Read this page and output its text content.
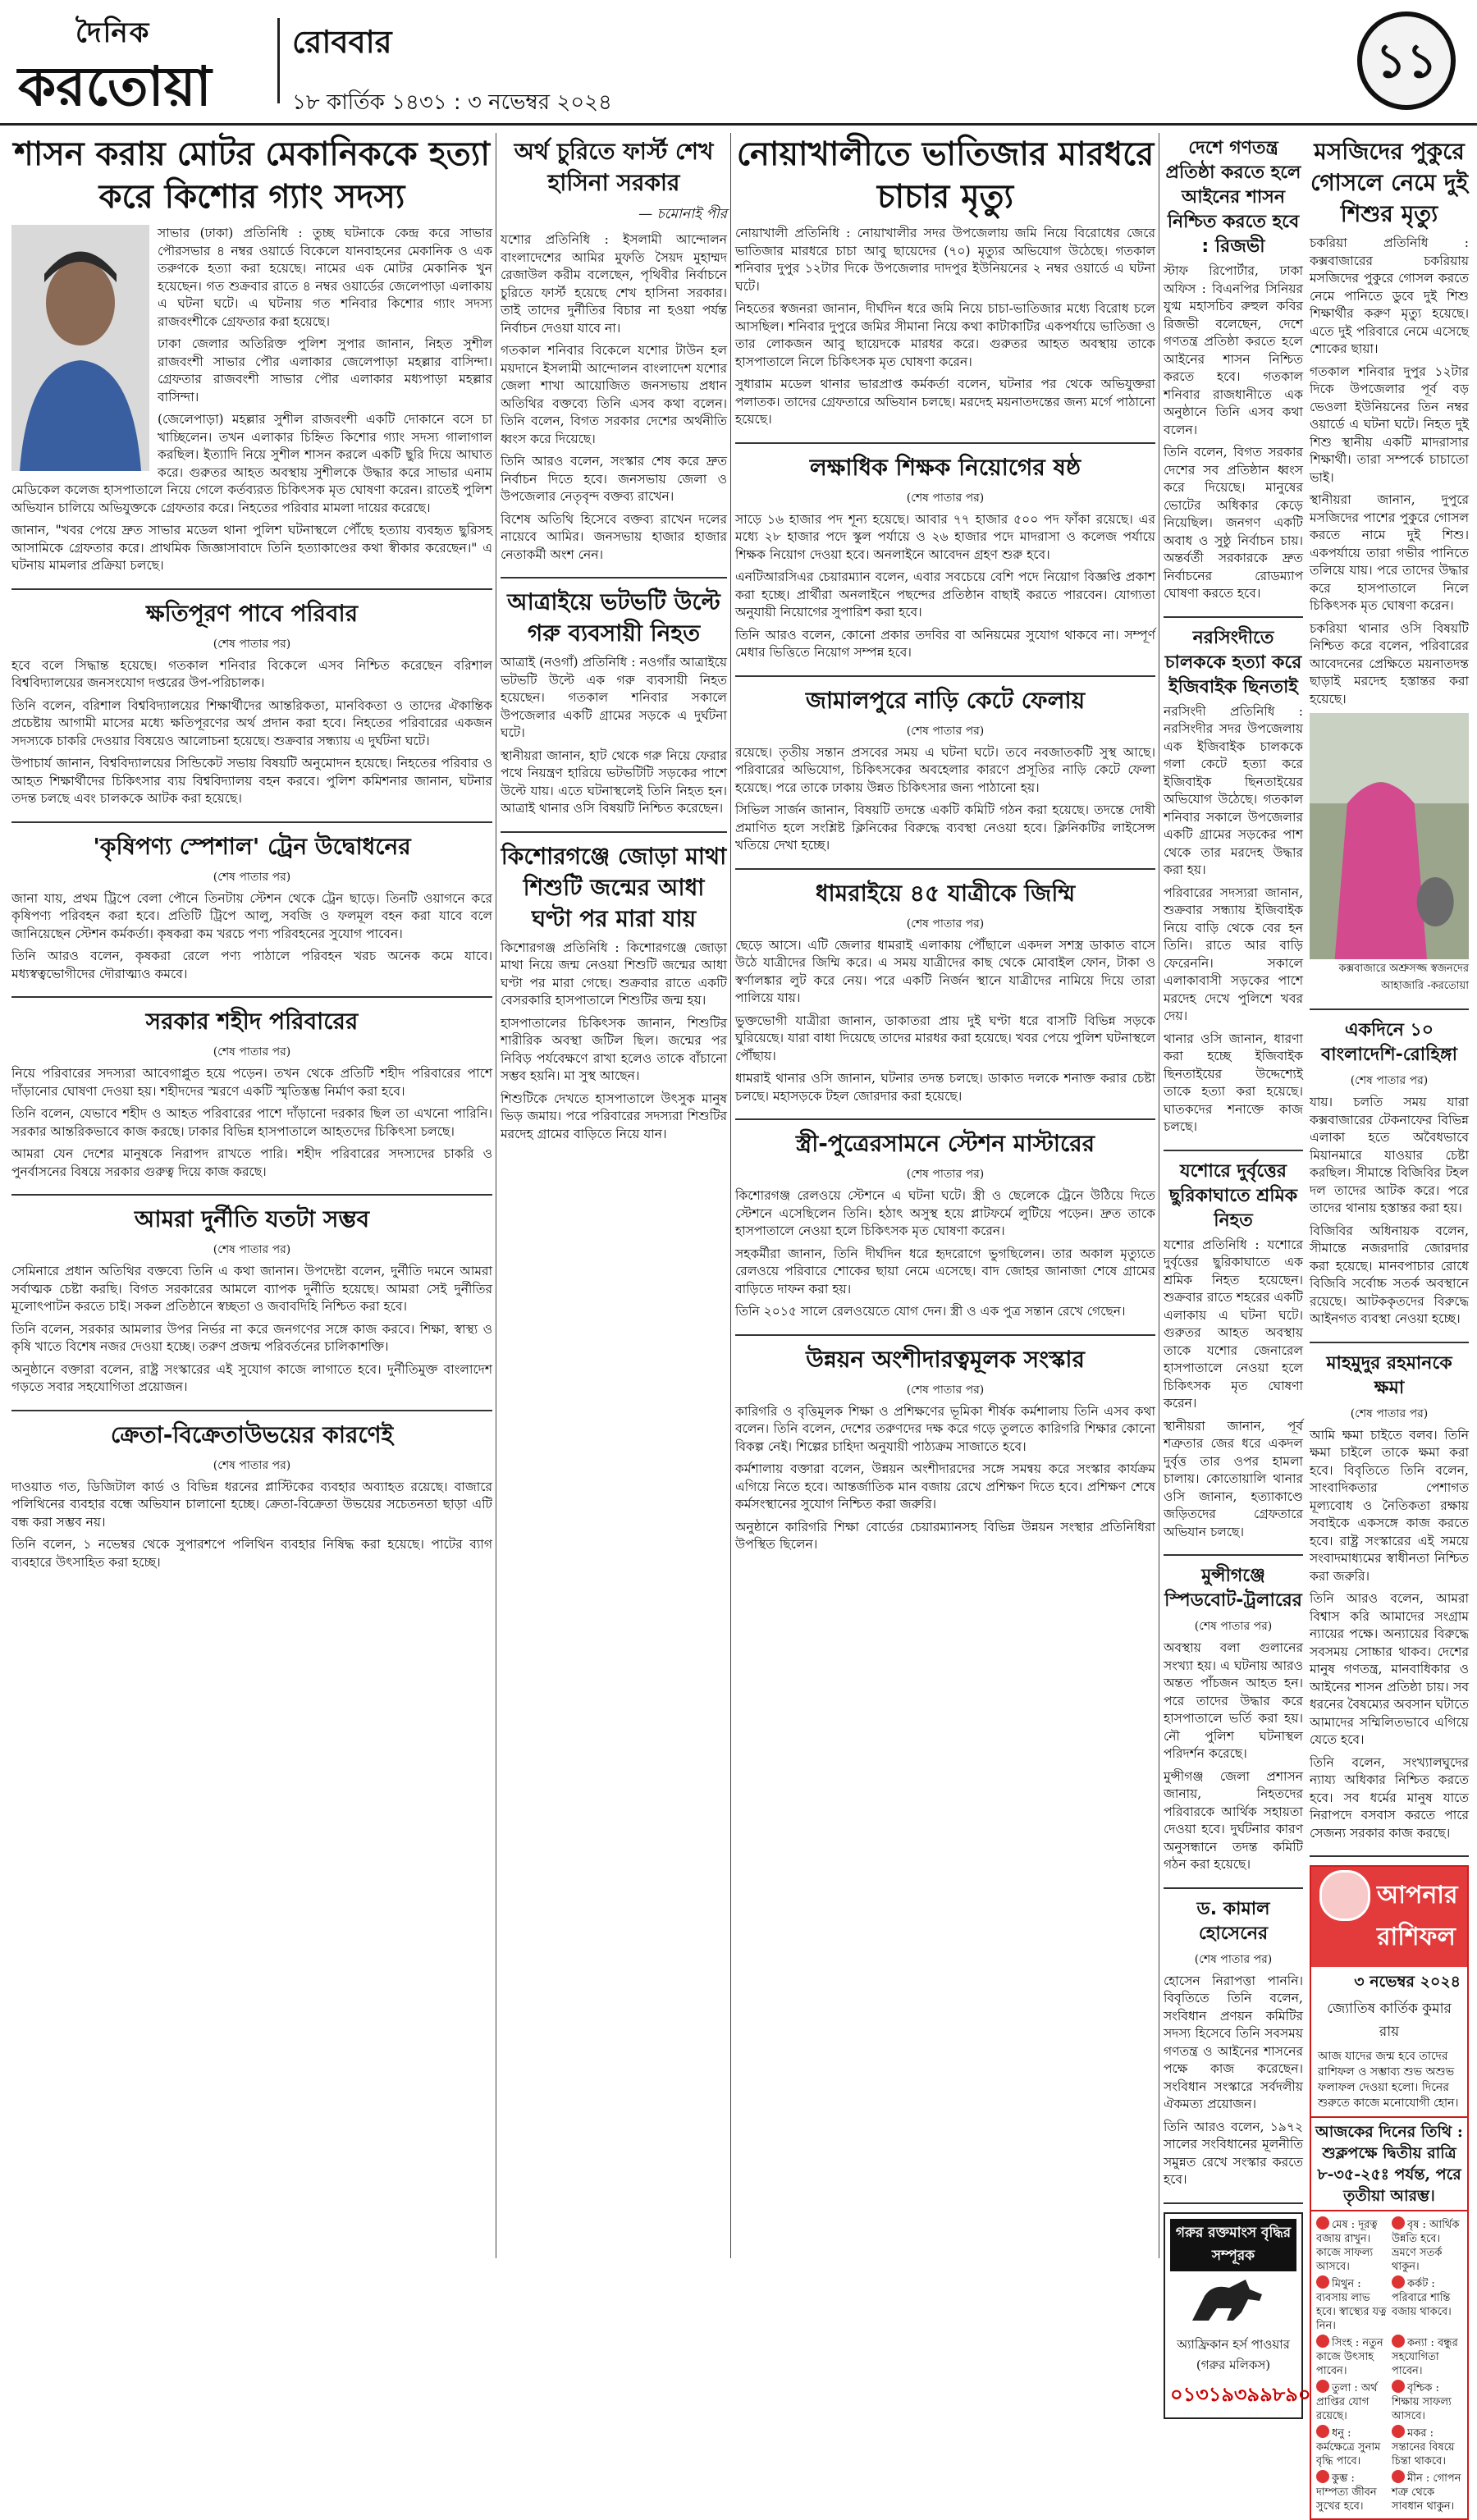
দৈনিক
করতোয়া
রোববার
১৮ কার্তিক ১৪৩১ : ৩ নভেম্বর ২০২৪
১১
শাসন করায় মোটর মেকানিককে হত্যা করে কিশোর গ্যাং সদস্য

সাভার (ঢাকা) প্রতিনিধি : তুচ্ছ ঘটনাকে কেন্দ্র করে সাভার পৌরসভার ৪ নম্বর ওয়ার্ডে বিকেলে যানবাহনের মেকানিক ও এক তরুণকে হত্যা করা হয়েছে। নামের এক মোটর মেকানিক খুন হয়েছেন। গত শুক্রবার রাতে ৪ নম্বর ওয়ার্ডের জেলেপাড়া এলাকায় এ ঘটনা ঘটে। এ ঘটনায় গত শনিবার কিশোর গ্যাং সদস্য রাজবংশীকে গ্রেফতার করা হয়েছে।

ঢাকা জেলার অতিরিক্ত পুলিশ সুপার জানান, নিহত সুশীল রাজবংশী সাভার পৌর এলাকার জেলেপাড়া মহল্লার বাসিন্দা। গ্রেফতার রাজবংশী সাভার পৌর এলাকার মধ্যপাড়া মহল্লার বাসিন্দা।

(জেলেপাড়া) মহল্লার সুশীল রাজবংশী একটি দোকানে বসে চা খাচ্ছিলেন। তখন এলাকার চিহ্নিত কিশোর গ্যাং সদস্য গালাগাল করছিল। ইত্যাদি নিয়ে সুশীল শাসন করলে একটি ছুরি দিয়ে আঘাত করে। গুরুতর আহত অবস্থায় সুশীলকে উদ্ধার করে সাভার এনাম মেডিকেল কলেজ হাসপাতালে নিয়ে গেলে কর্তব্যরত চিকিৎসক মৃত ঘোষণা করেন। রাতেই পুলিশ অভিযান চালিয়ে অভিযুক্তকে গ্রেফতার করে। নিহতের পরিবার মামলা দায়ের করেছে।

জানান, "খবর পেয়ে দ্রুত সাভার মডেল থানা পুলিশ ঘটনাস্থলে পৌঁছে হত্যায় ব্যবহৃত ছুরিসহ আসামিকে গ্রেফতার করে। প্রাথমিক জিজ্ঞাসাবাদে তিনি হত্যাকাণ্ডের কথা স্বীকার করেছেন।" এ ঘটনায় মামলার প্রক্রিয়া চলছে।

ক্ষতিপূরণ পাবে পরিবার
(শেষ পাতার পর)

হবে বলে সিদ্ধান্ত হয়েছে। গতকাল শনিবার বিকেলে এসব নিশ্চিত করেছেন বরিশাল বিশ্ববিদ্যালয়ের জনসংযোগ দপ্তরের উপ-পরিচালক।

তিনি বলেন, বরিশাল বিশ্ববিদ্যালয়ের শিক্ষার্থীদের আন্তরিকতা, মানবিকতা ও তাদের ঐকান্তিক প্রচেষ্টায় আগামী মাসের মধ্যে ক্ষতিপূরণের অর্থ প্রদান করা হবে। নিহতের পরিবারের একজন সদস্যকে চাকরি দেওয়ার বিষয়েও আলোচনা হয়েছে। শুক্রবার সন্ধ্যায় এ দুর্ঘটনা ঘটে।

উপাচার্য জানান, বিশ্ববিদ্যালয়ের সিন্ডিকেট সভায় বিষয়টি অনুমোদন হয়েছে। নিহতের পরিবার ও আহত শিক্ষার্থীদের চিকিৎসার ব্যয় বিশ্ববিদ্যালয় বহন করবে। পুলিশ কমিশনার জানান, ঘটনার তদন্ত চলছে এবং চালককে আটক করা হয়েছে।

'কৃষিপণ্য স্পেশাল' ট্রেন উদ্বোধনের
(শেষ পাতার পর)

জানা যায়, প্রথম ট্রিপে বেলা পৌনে তিনটায় স্টেশন থেকে ট্রেন ছাড়ে। তিনটি ওয়াগনে করে কৃষিপণ্য পরিবহন করা হবে। প্রতিটি ট্রিপে আলু, সবজি ও ফলমূল বহন করা যাবে বলে জানিয়েছেন স্টেশন কর্মকর্তা। কৃষকরা কম খরচে পণ্য পরিবহনের সুযোগ পাবেন।

তিনি আরও বলেন, কৃষকরা রেলে পণ্য পাঠালে পরিবহন খরচ অনেক কমে যাবে। মধ্যস্বত্বভোগীদের দৌরাত্ম্যও কমবে।

সরকার শহীদ পরিবারের
(শেষ পাতার পর)

নিয়ে পরিবারের সদস্যরা আবেগাপ্লুত হয়ে পড়েন। তখন থেকে প্রতিটি শহীদ পরিবারের পাশে দাঁড়ানোর ঘোষণা দেওয়া হয়। শহীদদের স্মরণে একটি স্মৃতিস্তম্ভ নির্মাণ করা হবে।

তিনি বলেন, যেভাবে শহীদ ও আহত পরিবারের পাশে দাঁড়ানো দরকার ছিল তা এখনো পারিনি। সরকার আন্তরিকভাবে কাজ করছে। ঢাকার বিভিন্ন হাসপাতালে আহতদের চিকিৎসা চলছে।

আমরা যেন দেশের মানুষকে নিরাপদ রাখতে পারি। শহীদ পরিবারের সদস্যদের চাকরি ও পুনর্বাসনের বিষয়ে সরকার গুরুত্ব দিয়ে কাজ করছে।

আমরা দুর্নীতি যতটা সম্ভব
(শেষ পাতার পর)

সেমিনারে প্রধান অতিথির বক্তব্যে তিনি এ কথা জানান। উপদেষ্টা বলেন, দুর্নীতি দমনে আমরা সর্বাত্মক চেষ্টা করছি। বিগত সরকারের আমলে ব্যাপক দুর্নীতি হয়েছে। আমরা সেই দুর্নীতির মূলোৎপাটন করতে চাই। সকল প্রতিষ্ঠানে স্বচ্ছতা ও জবাবদিহি নিশ্চিত করা হবে।

তিনি বলেন, সরকার আমলার উপর নির্ভর না করে জনগণের সঙ্গে কাজ করবে। শিক্ষা, স্বাস্থ্য ও কৃষি খাতে বিশেষ নজর দেওয়া হচ্ছে। তরুণ প্রজন্ম পরিবর্তনের চালিকাশক্তি।

অনুষ্ঠানে বক্তারা বলেন, রাষ্ট্র সংস্কারের এই সুযোগ কাজে লাগাতে হবে। দুর্নীতিমুক্ত বাংলাদেশ গড়তে সবার সহযোগিতা প্রয়োজন।

ক্রেতা-বিক্রেতাউভয়ের কারণেই
(শেষ পাতার পর)

দাওয়াত গত, ডিজিটাল কার্ড ও বিভিন্ন ধরনের প্লাস্টিকের ব্যবহার অব্যাহত রয়েছে। বাজারে পলিথিনের ব্যবহার বন্ধে অভিযান চালানো হচ্ছে। ক্রেতা-বিক্রেতা উভয়ের সচেতনতা ছাড়া এটি বন্ধ করা সম্ভব নয়।

তিনি বলেন, ১ নভেম্বর থেকে সুপারশপে পলিথিন ব্যবহার নিষিদ্ধ করা হয়েছে। পাটের ব্যাগ ব্যবহারে উৎসাহিত করা হচ্ছে।

অর্থ চুরিতে ফার্স্ট শেখ হাসিনা সরকার
— চমোনাই পীর

যশোর প্রতিনিধি : ইসলামী আন্দোলন বাংলাদেশের আমির মুফতি সৈয়দ মুহাম্মদ রেজাউল করীম বলেছেন, পৃথিবীর নির্বাচনে চুরিতে ফার্স্ট হয়েছে শেখ হাসিনা সরকার। তাই তাদের দুর্নীতির বিচার না হওয়া পর্যন্ত নির্বাচন দেওয়া যাবে না।

গতকাল শনিবার বিকেলে যশোর টাউন হল ময়দানে ইসলামী আন্দোলন বাংলাদেশ যশোর জেলা শাখা আয়োজিত জনসভায় প্রধান অতিথির বক্তব্যে তিনি এসব কথা বলেন। তিনি বলেন, বিগত সরকার দেশের অর্থনীতি ধ্বংস করে দিয়েছে।

তিনি আরও বলেন, সংস্কার শেষ করে দ্রুত নির্বাচন দিতে হবে। জনসভায় জেলা ও উপজেলার নেতৃবৃন্দ বক্তব্য রাখেন।

বিশেষ অতিথি হিসেবে বক্তব্য রাখেন দলের নায়েবে আমির। জনসভায় হাজার হাজার নেতাকর্মী অংশ নেন।

আত্রাইয়ে ভটভটি উল্টে গরু ব্যবসায়ী নিহত

আত্রাই (নওগাঁ) প্রতিনিধি : নওগাঁর আত্রাইয়ে ভটভটি উল্টে এক গরু ব্যবসায়ী নিহত হয়েছেন। গতকাল শনিবার সকালে উপজেলার একটি গ্রামের সড়কে এ দুর্ঘটনা ঘটে।

স্থানীয়রা জানান, হাট থেকে গরু নিয়ে ফেরার পথে নিয়ন্ত্রণ হারিয়ে ভটভটিটি সড়কের পাশে উল্টে যায়। এতে ঘটনাস্থলেই তিনি নিহত হন। আত্রাই থানার ওসি বিষয়টি নিশ্চিত করেছেন।

কিশোরগঞ্জে জোড়া মাথা শিশুটি জন্মের আধা ঘণ্টা পর মারা যায়

কিশোরগঞ্জ প্রতিনিধি : কিশোরগঞ্জে জোড়া মাথা নিয়ে জন্ম নেওয়া শিশুটি জন্মের আধা ঘণ্টা পর মারা গেছে। শুক্রবার রাতে একটি বেসরকারি হাসপাতালে শিশুটির জন্ম হয়।

হাসপাতালের চিকিৎসক জানান, শিশুটির শারীরিক অবস্থা জটিল ছিল। জন্মের পর নিবিড় পর্যবেক্ষণে রাখা হলেও তাকে বাঁচানো সম্ভব হয়নি। মা সুস্থ আছেন।

শিশুটিকে দেখতে হাসপাতালে উৎসুক মানুষ ভিড় জমায়। পরে পরিবারের সদস্যরা শিশুটির মরদেহ গ্রামের বাড়িতে নিয়ে যান।

নোয়াখালীতে ভাতিজার মারধরে চাচার মৃত্যু

নোয়াখালী প্রতিনিধি : নোয়াখালীর সদর উপজেলায় জমি নিয়ে বিরোধের জেরে ভাতিজার মারধরে চাচা আবু ছায়েদের (৭০) মৃত্যুর অভিযোগ উঠেছে। গতকাল শনিবার দুপুর ১২টার দিকে উপজেলার দাদপুর ইউনিয়নের ২ নম্বর ওয়ার্ডে এ ঘটনা ঘটে।

নিহতের স্বজনরা জানান, দীর্ঘদিন ধরে জমি নিয়ে চাচা-ভাতিজার মধ্যে বিরোধ চলে আসছিল। শনিবার দুপুরে জমির সীমানা নিয়ে কথা কাটাকাটির একপর্যায়ে ভাতিজা ও তার লোকজন আবু ছায়েদকে মারধর করে। গুরুতর আহত অবস্থায় তাকে হাসপাতালে নিলে চিকিৎসক মৃত ঘোষণা করেন।

সুধারাম মডেল থানার ভারপ্রাপ্ত কর্মকর্তা বলেন, ঘটনার পর থেকে অভিযুক্তরা পলাতক। তাদের গ্রেফতারে অভিযান চলছে। মরদেহ ময়নাতদন্তের জন্য মর্গে পাঠানো হয়েছে।

লক্ষাধিক শিক্ষক নিয়োগের ষষ্ঠ
(শেষ পাতার পর)

সাড়ে ১৬ হাজার পদ শূন্য হয়েছে। আবার ৭৭ হাজার ৫০০ পদ ফাঁকা রয়েছে। এর মধ্যে ২৮ হাজার পদে স্কুল পর্যায়ে ও ২৬ হাজার পদে মাদরাসা ও কলেজ পর্যায়ে শিক্ষক নিয়োগ দেওয়া হবে। অনলাইনে আবেদন গ্রহণ শুরু হবে।

এনটিআরসিএর চেয়ারম্যান বলেন, এবার সবচেয়ে বেশি পদে নিয়োগ বিজ্ঞপ্তি প্রকাশ করা হচ্ছে। প্রার্থীরা অনলাইনে পছন্দের প্রতিষ্ঠান বাছাই করতে পারবেন। যোগ্যতা অনুযায়ী নিয়োগের সুপারিশ করা হবে।

তিনি আরও বলেন, কোনো প্রকার তদবির বা অনিয়মের সুযোগ থাকবে না। সম্পূর্ণ মেধার ভিত্তিতে নিয়োগ সম্পন্ন হবে।

জামালপুরে নাড়ি কেটে ফেলায়
(শেষ পাতার পর)

রয়েছে। তৃতীয় সন্তান প্রসবের সময় এ ঘটনা ঘটে। তবে নবজাতকটি সুস্থ আছে। পরিবারের অভিযোগ, চিকিৎসকের অবহেলার কারণে প্রসূতির নাড়ি কেটে ফেলা হয়েছে। পরে তাকে ঢাকায় উন্নত চিকিৎসার জন্য পাঠানো হয়।

সিভিল সার্জন জানান, বিষয়টি তদন্তে একটি কমিটি গঠন করা হয়েছে। তদন্তে দোষী প্রমাণিত হলে সংশ্লিষ্ট ক্লিনিকের বিরুদ্ধে ব্যবস্থা নেওয়া হবে। ক্লিনিকটির লাইসেন্স খতিয়ে দেখা হচ্ছে।

ধামরাইয়ে ৪৫ যাত্রীকে জিম্মি
(শেষ পাতার পর)

ছেড়ে আসে। এটি জেলার ধামরাই এলাকায় পৌঁছালে একদল সশস্ত্র ডাকাত বাসে উঠে যাত্রীদের জিম্মি করে। এ সময় যাত্রীদের কাছ থেকে মোবাইল ফোন, টাকা ও স্বর্ণালঙ্কার লুট করে নেয়। পরে একটি নির্জন স্থানে যাত্রীদের নামিয়ে দিয়ে তারা পালিয়ে যায়।

ভুক্তভোগী যাত্রীরা জানান, ডাকাতরা প্রায় দুই ঘণ্টা ধরে বাসটি বিভিন্ন সড়কে ঘুরিয়েছে। যারা বাধা দিয়েছে তাদের মারধর করা হয়েছে। খবর পেয়ে পুলিশ ঘটনাস্থলে পৌঁছায়।

ধামরাই থানার ওসি জানান, ঘটনার তদন্ত চলছে। ডাকাত দলকে শনাক্ত করার চেষ্টা চলছে। মহাসড়কে টহল জোরদার করা হয়েছে।

স্ত্রী-পুত্রেরসামনে স্টেশন মাস্টারের
(শেষ পাতার পর)

কিশোরগঞ্জ রেলওয়ে স্টেশনে এ ঘটনা ঘটে। স্ত্রী ও ছেলেকে ট্রেনে উঠিয়ে দিতে স্টেশনে এসেছিলেন তিনি। হঠাৎ অসুস্থ হয়ে প্লাটফর্মে লুটিয়ে পড়েন। দ্রুত তাকে হাসপাতালে নেওয়া হলে চিকিৎসক মৃত ঘোষণা করেন।

সহকর্মীরা জানান, তিনি দীর্ঘদিন ধরে হৃদরোগে ভুগছিলেন। তার অকাল মৃত্যুতে রেলওয়ে পরিবারে শোকের ছায়া নেমে এসেছে। বাদ জোহর জানাজা শেষে গ্রামের বাড়িতে দাফন করা হয়।

তিনি ২০১৫ সালে রেলওয়েতে যোগ দেন। স্ত্রী ও এক পুত্র সন্তান রেখে গেছেন।

উন্নয়ন অংশীদারত্বমূলক সংস্কার
(শেষ পাতার পর)

কারিগরি ও বৃত্তিমূলক শিক্ষা ও প্রশিক্ষণের ভূমিকা শীর্ষক কর্মশালায় তিনি এসব কথা বলেন। তিনি বলেন, দেশের তরুণদের দক্ষ করে গড়ে তুলতে কারিগরি শিক্ষার কোনো বিকল্প নেই। শিল্পের চাহিদা অনুযায়ী পাঠ্যক্রম সাজাতে হবে।

কর্মশালায় বক্তারা বলেন, উন্নয়ন অংশীদারদের সঙ্গে সমন্বয় করে সংস্কার কার্যক্রম এগিয়ে নিতে হবে। আন্তর্জাতিক মান বজায় রেখে প্রশিক্ষণ দিতে হবে। প্রশিক্ষণ শেষে কর্মসংস্থানের সুযোগ নিশ্চিত করা জরুরি।

অনুষ্ঠানে কারিগরি শিক্ষা বোর্ডের চেয়ারম্যানসহ বিভিন্ন উন্নয়ন সংস্থার প্রতিনিধিরা উপস্থিত ছিলেন।

দেশে গণতন্ত্র প্রতিষ্ঠা করতে হলে আইনের শাসন নিশ্চিত করতে হবে : রিজভী

স্টাফ রিপোর্টার, ঢাকা অফিস : বিএনপির সিনিয়র যুগ্ম মহাসচিব রুহুল কবির রিজভী বলেছেন, দেশে গণতন্ত্র প্রতিষ্ঠা করতে হলে আইনের শাসন নিশ্চিত করতে হবে। গতকাল শনিবার রাজধানীতে এক অনুষ্ঠানে তিনি এসব কথা বলেন।

তিনি বলেন, বিগত সরকার দেশের সব প্রতিষ্ঠান ধ্বংস করে দিয়েছে। মানুষের ভোটের অধিকার কেড়ে নিয়েছিল। জনগণ একটি অবাধ ও সুষ্ঠু নির্বাচন চায়। অন্তর্বর্তী সরকারকে দ্রুত নির্বাচনের রোডম্যাপ ঘোষণা করতে হবে।

নরসিংদীতে চালককে হত্যা করে ইজিবাইক ছিনতাই

নরসিংদী প্রতিনিধি : নরসিংদীর সদর উপজেলায় এক ইজিবাইক চালককে গলা কেটে হত্যা করে ইজিবাইক ছিনতাইয়ের অভিযোগ উঠেছে। গতকাল শনিবার সকালে উপজেলার একটি গ্রামের সড়কের পাশ থেকে তার মরদেহ উদ্ধার করা হয়।

পরিবারের সদস্যরা জানান, শুক্রবার সন্ধ্যায় ইজিবাইক নিয়ে বাড়ি থেকে বের হন তিনি। রাতে আর বাড়ি ফেরেননি। সকালে এলাকাবাসী সড়কের পাশে মরদেহ দেখে পুলিশে খবর দেয়।

থানার ওসি জানান, ধারণা করা হচ্ছে ইজিবাইক ছিনতাইয়ের উদ্দেশ্যেই তাকে হত্যা করা হয়েছে। ঘাতকদের শনাক্তে কাজ চলছে।

যশোরে দুর্বৃত্তের ছুরিকাঘাতে শ্রমিক নিহত

যশোর প্রতিনিধি : যশোরে দুর্বৃত্তের ছুরিকাঘাতে এক শ্রমিক নিহত হয়েছেন। শুক্রবার রাতে শহরের একটি এলাকায় এ ঘটনা ঘটে। গুরুতর আহত অবস্থায় তাকে যশোর জেনারেল হাসপাতালে নেওয়া হলে চিকিৎসক মৃত ঘোষণা করেন।

স্থানীয়রা জানান, পূর্ব শত্রুতার জের ধরে একদল দুর্বৃত্ত তার ওপর হামলা চালায়। কোতোয়ালি থানার ওসি জানান, হত্যাকাণ্ডে জড়িতদের গ্রেফতারে অভিযান চলছে।

মুন্সীগঞ্জে স্পিডবোট-ট্রলারের
(শেষ পাতার পর)

অবস্থায় বলা গুলানের সংখ্যা হয়। এ ঘটনায় আরও অন্তত পাঁচজন আহত হন। পরে তাদের উদ্ধার করে হাসপাতালে ভর্তি করা হয়। নৌ পুলিশ ঘটনাস্থল পরিদর্শন করেছে।

মুন্সীগঞ্জ জেলা প্রশাসন জানায়, নিহতদের পরিবারকে আর্থিক সহায়তা দেওয়া হবে। দুর্ঘটনার কারণ অনুসন্ধানে তদন্ত কমিটি গঠন করা হয়েছে।

ড. কামাল হোসেনের
(শেষ পাতার পর)

হোসেন নিরাপত্তা পাননি। বিবৃতিতে তিনি বলেন, সংবিধান প্রণয়ন কমিটির সদস্য হিসেবে তিনি সবসময় গণতন্ত্র ও আইনের শাসনের পক্ষে কাজ করেছেন। সংবিধান সংস্কারে সর্বদলীয় ঐকমত্য প্রয়োজন।

তিনি আরও বলেন, ১৯৭২ সালের সংবিধানের মূলনীতি সমুন্নত রেখে সংস্কার করতে হবে।

গরুর রক্তমাংস বৃদ্ধির সম্পূরক
অ্যাফ্রিকান হর্স পাওয়ার (গরুর মলিকস)
০১৩১৯৩৯৯৮৯০
মসজিদের পুকুরে গোসলে নেমে দুই শিশুর মৃত্যু

চকরিয়া প্রতিনিধি : কক্সবাজারের চকরিয়ায় মসজিদের পুকুরে গোসল করতে নেমে পানিতে ডুবে দুই শিশু শিক্ষার্থীর করুণ মৃত্যু হয়েছে। এতে দুই পরিবারে নেমে এসেছে শোকের ছায়া।

গতকাল শনিবার দুপুর ১২টার দিকে উপজেলার পূর্ব বড় ভেওলা ইউনিয়নের তিন নম্বর ওয়ার্ডে এ ঘটনা ঘটে। নিহত দুই শিশু স্থানীয় একটি মাদরাসার শিক্ষার্থী। তারা সম্পর্কে চাচাতো ভাই।

স্থানীয়রা জানান, দুপুরে মসজিদের পাশের পুকুরে গোসল করতে নামে দুই শিশু। একপর্যায়ে তারা গভীর পানিতে তলিয়ে যায়। পরে তাদের উদ্ধার করে হাসপাতালে নিলে চিকিৎসক মৃত ঘোষণা করেন।

চকরিয়া থানার ওসি বিষয়টি নিশ্চিত করে বলেন, পরিবারের আবেদনের প্রেক্ষিতে ময়নাতদন্ত ছাড়াই মরদেহ হস্তান্তর করা হয়েছে।

কক্সবাজারে অশ্রুসজ্জ স্বজনদের আহাজারি -করতোয়া
একদিনে ১০ বাংলাদেশি-রোহিঙ্গা
(শেষ পাতার পর)

যায়। চলতি সময় যারা কক্সবাজারের টেকনাফের বিভিন্ন এলাকা হতে অবৈধভাবে মিয়ানমারে যাওয়ার চেষ্টা করছিল। সীমান্তে বিজিবির টহল দল তাদের আটক করে। পরে তাদের থানায় হস্তান্তর করা হয়।

বিজিবির অধিনায়ক বলেন, সীমান্তে নজরদারি জোরদার করা হয়েছে। মানবপাচার রোধে বিজিবি সর্বোচ্চ সতর্ক অবস্থানে রয়েছে। আটককৃতদের বিরুদ্ধে আইনগত ব্যবস্থা নেওয়া হচ্ছে।

মাহমুদুর রহমানকে ক্ষমা
(শেষ পাতার পর)

আমি ক্ষমা চাইতে বলব। তিনি ক্ষমা চাইলে তাকে ক্ষমা করা হবে। বিবৃতিতে তিনি বলেন, সাংবাদিকতার পেশাগত মূল্যবোধ ও নৈতিকতা রক্ষায় সবাইকে একসঙ্গে কাজ করতে হবে। রাষ্ট্র সংস্কারের এই সময়ে সংবাদমাধ্যমের স্বাধীনতা নিশ্চিত করা জরুরি।

তিনি আরও বলেন, আমরা বিশ্বাস করি আমাদের সংগ্রাম ন্যায়ের পক্ষে। অন্যায়ের বিরুদ্ধে সবসময় সোচ্চার থাকব। দেশের মানুষ গণতন্ত্র, মানবাধিকার ও আইনের শাসন প্রতিষ্ঠা চায়। সব ধরনের বৈষম্যের অবসান ঘটাতে আমাদের সম্মিলিতভাবে এগিয়ে যেতে হবে।

তিনি বলেন, সংখ্যালঘুদের ন্যায্য অধিকার নিশ্চিত করতে হবে। সব ধর্মের মানুষ যাতে নিরাপদে বসবাস করতে পারে সেজন্য সরকার কাজ করছে।

আপনার রাশিফল
৩ নভেম্বর ২০২৪
জ্যোতিষ কার্তিক কুমার রায়

আজ যাদের জন্ম হবে তাদের রাশিফল ও সম্ভাব্য শুভ অশুভ ফলাফল দেওয়া হলো। দিনের শুরুতে কাজে মনোযোগী হোন।

আজকের দিনের তিথি : শুক্লপক্ষে দ্বিতীয় রাত্রি ৮-৩৫-২৫ঃ পর্যন্ত, পরে তৃতীয়া আরম্ভ।
মেষ : দূরত্ব বজায় রাখুন। কাজে সাফল্য আসবে।
বৃষ : আর্থিক উন্নতি হবে। ভ্রমণে সতর্ক থাকুন।
মিথুন : ব্যবসায় লাভ হবে। স্বাস্থ্যের যত্ন নিন।
কর্কট : পরিবারে শান্তি বজায় থাকবে।
সিংহ : নতুন কাজে উৎসাহ পাবেন।
কন্যা : বন্ধুর সহযোগিতা পাবেন।
তুলা : অর্থ প্রাপ্তির যোগ রয়েছে।
বৃশ্চিক : শিক্ষায় সাফল্য আসবে।
ধনু : কর্মক্ষেত্রে সুনাম বৃদ্ধি পাবে।
মকর : সন্তানের বিষয়ে চিন্তা থাকবে।
কুম্ভ : দাম্পত্য জীবন সুখের হবে।
মীন : গোপন শত্রু থেকে সাবধান থাকুন।
